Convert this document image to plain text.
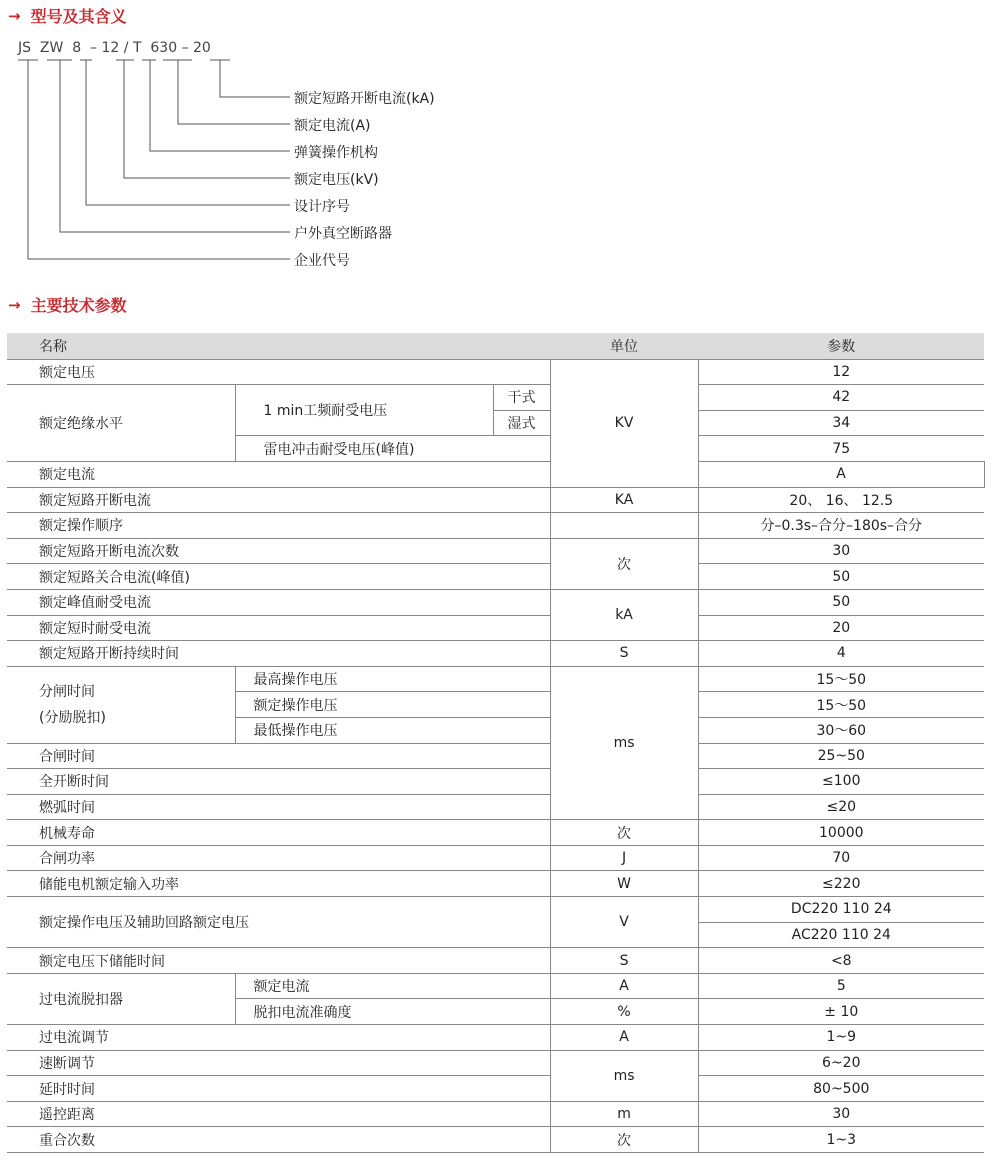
→ 型号及其含义
JS  ZW  8  – 12 / T  630 – 20
额定短路开断电流(kA)
额定电流(A)
弹簧操作机构
额定电压(kV)
设计序号
户外真空断路器
企业代号
→ 主要技术参数
名称			单位	参数	
额定电压			KV	12	
额定绝缘水平	1 min工频耐受电压	干式		42	
		湿式		34	
	雷电冲击耐受电压(峰值)			75	
额定电流				A	
额定短路开断电流			KA	20、 16、 12.5	
额定操作顺序				分–0.3s–合分–180s–合分	
额定短路开断电流次数			次	30	
额定短路关合电流(峰值)				50	
额定峰值耐受电流			kA	50	
额定短时耐受电流				20	
额定短路开断持续时间			S	4	
分闸时间
(分励脱扣)	最高操作电压		ms	15～50	
	额定操作电压			15～50	
	最低操作电压			30～60	
合闸时间				25~50	
全开断时间				≤100	
燃弧时间				≤20	
机械寿命			次	10000	
合闸功率			J	70	
储能电机额定输入功率			W	≤220	
额定操作电压及辅助回路额定电压			V	DC220 110 24	
				AC220 110 24	
额定电压下储能时间			S	<8	
过电流脱扣器	额定电流		A	5	
	脱扣电流准确度		%	± 10	
过电流调节			A	1~9	
速断调节			ms	6~20	
延时时间				80~500	
遥控距离			m	30	
重合次数			次	1~3	
